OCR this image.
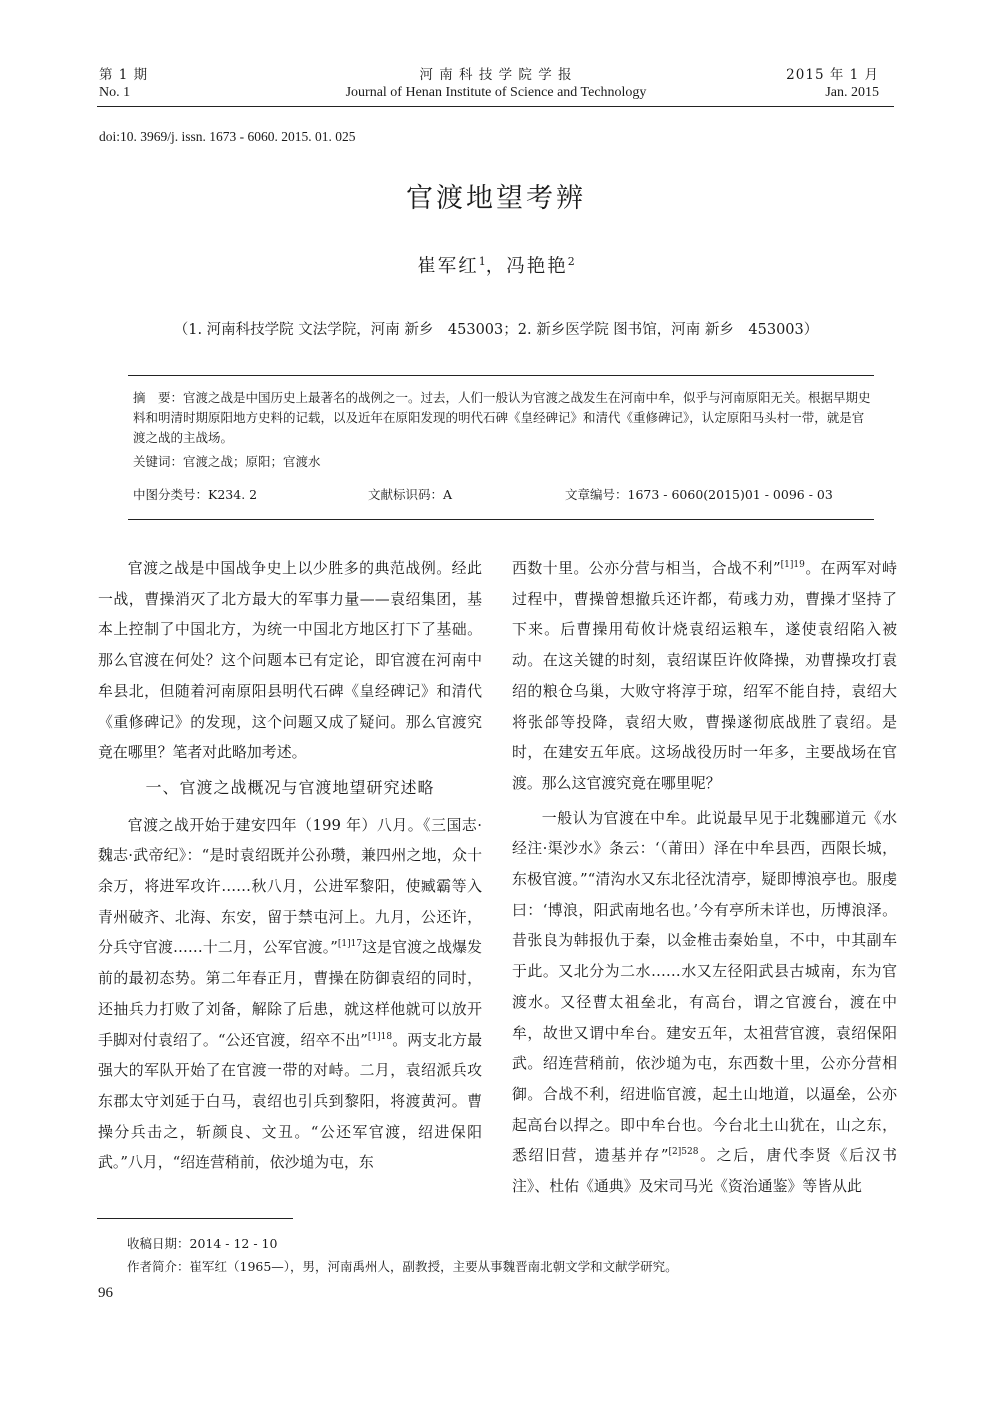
第 1 期
No. 1
河 南 科 技 学 院 学 报
Journal of Henan Institute of Science and Technology
2015 年 1 月
Jan. 2015
doi:10. 3969/j. issn. 1673 - 6060. 2015. 01. 025
官渡地望考辨
崔军红$^1$，冯艳艳$^2$
（1. 河南科技学院 文法学院，河南 新乡　453003；2. 新乡医学院 图书馆，河南 新乡　453003）

摘　要：官渡之战是中国历史上最著名的战例之一。过去，人们一般认为官渡之战发生在河南中牟，似乎与河南原阳无关。根据早期史料和明清时期原阳地方史料的记载，以及近年在原阳发现的明代石碑《皇经碑记》和清代《重修碑记》，认定原阳马头村一带，就是官渡之战的主战场。

关键词：官渡之战；原阳；官渡水
中图分类号：K234. 2	文献标识码：A	文章编号：1673 - 6060(2015)01 - 0096 - 03

官渡之战是中国战争史上以少胜多的典范战例。经此一战，曹操消灭了北方最大的军事力量——袁绍集团，基本上控制了中国北方，为统一中国北方地区打下了基础。那么官渡在何处？这个问题本已有定论，即官渡在河南中牟县北，但随着河南原阳县明代石碑《皇经碑记》和清代《重修碑记》的发现，这个问题又成了疑问。那么官渡究竟在哪里？笔者对此略加考述。

一、官渡之战概况与官渡地望研究述略

官渡之战开始于建安四年（199 年）八月。《三国志·魏志·武帝纪》：“是时袁绍既并公孙瓒，兼四州之地，众十余万，将进军攻许……秋八月，公进军黎阳，使臧霸等入青州破齐、北海、东安，留于禁屯河上。九月，公还许，分兵守官渡……十二月，公军官渡。”$^{[1]17}$这是官渡之战爆发前的最初态势。第二年春正月，曹操在防御袁绍的同时，还抽兵力打败了刘备，解除了后患，就这样他就可以放开手脚对付袁绍了。“公还官渡，绍卒不出”$^{[1]18}$。两支北方最强大的军队开始了在官渡一带的对峙。二月，袁绍派兵攻东郡太守刘延于白马，袁绍也引兵到黎阳，将渡黄河。曹操分兵击之，斩颜良、文丑。“公还军官渡，绍进保阳武。”八月，“绍连营稍前，依沙塠为屯，东

西数十里。公亦分营与相当，合战不利”$^{[1]19}$。在两军对峙过程中，曹操曾想撤兵还许都，荀彧力劝，曹操才坚持了下来。后曹操用荀攸计烧袁绍运粮车，遂使袁绍陷入被动。在这关键的时刻，袁绍谋臣许攸降操，劝曹操攻打袁绍的粮仓乌巢，大败守将淳于琼，绍军不能自持，袁绍大将张郃等投降，袁绍大败，曹操遂彻底战胜了袁绍。是时，在建安五年底。这场战役历时一年多，主要战场在官渡。那么这官渡究竟在哪里呢？

一般认为官渡在中牟。此说最早见于北魏郦道元《水经注·渠沙水》条云：‘（莆田）泽在中牟县西，西限长城，东极官渡。”“清沟水又东北径沈清亭，疑即博浪亭也。服虔曰：‘博浪，阳武南地名也。’今有亭所未详也，历博浪泽。昔张良为韩报仇于秦，以金椎击秦始皇，不中，中其副车于此。又北分为二水……水又左径阳武县古城南，东为官渡水。又径曹太祖垒北，有高台，谓之官渡台，渡在中牟，故世又谓中牟台。建安五年，太祖营官渡，袁绍保阳武。绍连营稍前，依沙塠为屯，东西数十里，公亦分营相御。合战不利，绍进临官渡，起土山地道，以逼垒，公亦起高台以捍之。即中牟台也。今台北土山犹在，山之东，悉绍旧营，遗基并存”$^{[2]528}$。之后，唐代李贤《后汉书注》、杜佑《通典》及宋司马光《资治通鉴》等皆从此

收稿日期：2014 - 12 - 10
作者简介：崔军红（1965—），男，河南禹州人，副教授，主要从事魏晋南北朝文学和文献学研究。
96
